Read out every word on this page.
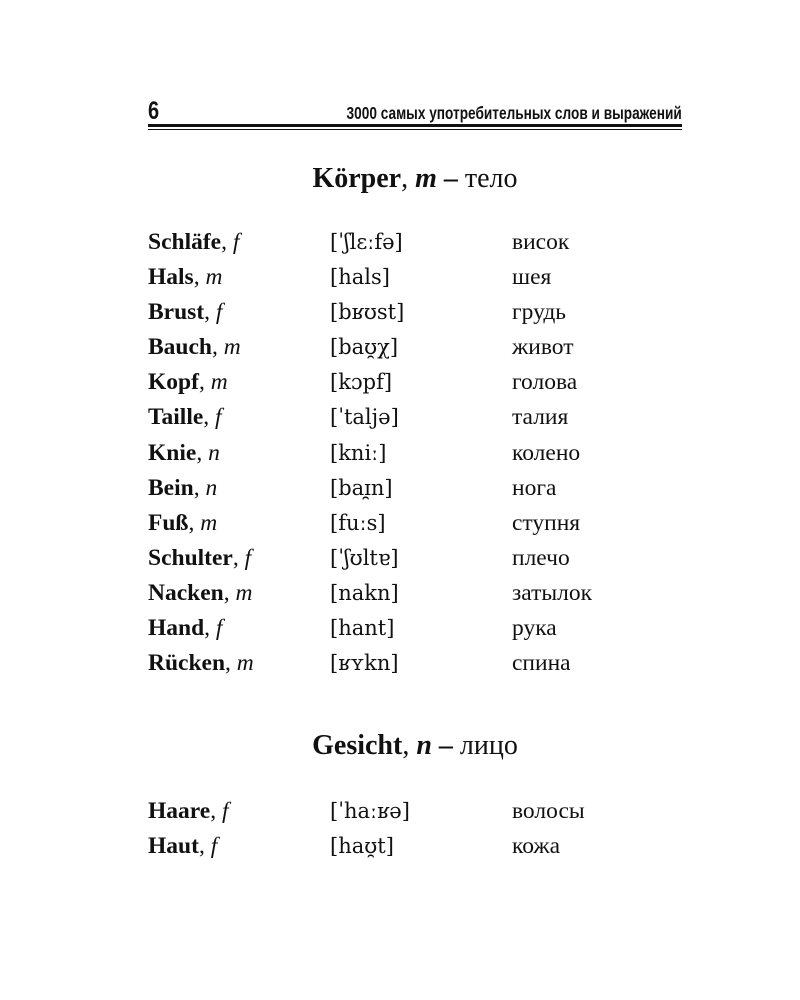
6	3000 самых употребительных слов и выражений
Körper, m – тело
Schläfe, f	[ˈʃlɛːfə]	висок
Hals, m	[hals]	шея
Brust, f	[bʁʊst]	грудь
Bauch, m	[baʊ̯χ]	живот
Kopf, m	[kɔpf]	голова
Taille, f	[ˈtaljə]	талия
Knie, n	[kniː]	колено
Bein, n	[baɪ̯n]	нога
Fuß, m	[fuːs]	ступня
Schulter, f	[ˈʃʊltɐ]	плечо
Nacken, m	[nakn]	затылок
Hand, f	[hant]	рука
Rücken, m	[ʁʏkn]	спина
Gesicht, n – лицо
Haare, f	[ˈhaːʁə]	волосы
Haut, f	[haʊ̯t]	кожа
